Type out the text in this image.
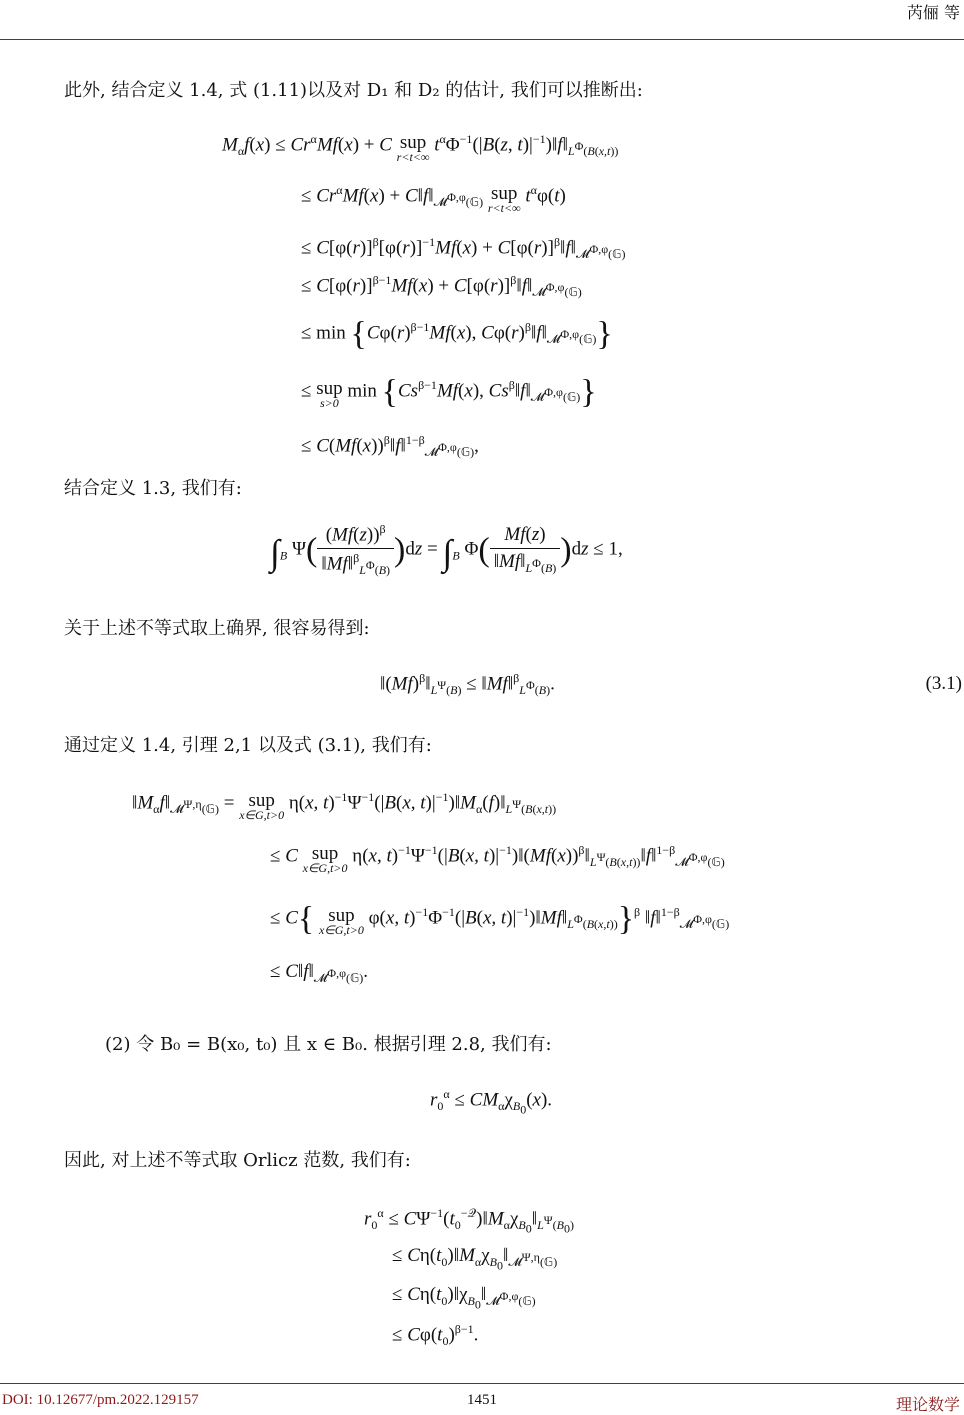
芮俪 等
此外, 结合定义 1.4, 式 (1.11)以及对 D₁ 和 D₂ 的估计, 我们可以推断出:
$M_\alpha f(x) \le Cr^\alpha Mf(x) + C$ sup
r<t<∞
$t^\alpha\Phi^{-1}(|B(z$, $t)|^{-1})‖f‖_{L^\Phi(B(x,t))}$
≤ $Cr^\alpha Mf(x)$ + $C‖f‖_{𝓜^{\Phi,\varphi}(𝔾)}$ sup
r<t<∞
$t^\alpha\varphi(t)$
≤ $C[\varphi(r)]^\beta[\varphi(r)]^{-1}Mf(x)$ + $C[\varphi(r)]^\beta‖f‖_{𝓜^{\Phi,\varphi}(𝔾)}$
≤ $C[\varphi(r)]^{\beta-1}Mf(x)$ + $C[\varphi(r)]^\beta‖f‖_{𝓜^{\Phi,\varphi}(𝔾)}$
≤ $\min \{C\varphi(r)^{\beta-1}Mf(x)$, $C\varphi(r)^\beta‖f‖_{𝓜^{\Phi,\varphi}(𝔾)}$}
≤ sup
s>0
$\min \{Cs^{\beta-1}Mf(x)$, $Cs^\beta‖f‖_{𝓜^{\Phi,\varphi}(𝔾)}$}
≤ $C(Mf(x))^\beta‖f‖^{1-\beta}_{𝓜^{\Phi,\varphi}(𝔾)}$,
结合定义 1.3, 我们有:
$\int_B$ $\Psi( \frac{(Mf(z))^\beta}{‖Mf‖^\beta_{L^\Phi(B)}} )dz = \int_B$ $\Phi( \frac{Mf(z)}{‖Mf‖_{L^\Phi(B)}} )dz \le 1$,
关于上述不等式取上确界, 很容易得到:
$‖(Mf)^\beta‖_{L^\Psi(B)}$ ≤ ‖Mf‖$^\beta_{L^\Phi(B)}$.	(3.1)
通过定义 1.4, 引理 2,1 以及式 (3.1), 我们有:
$‖M_\alpha f‖_{𝓜^{\Psi,\eta}(𝔾)}$ = sup
x∈G,t>0
η(x, $t)^{-1}\Psi^{-1}(|B(x$, $t)|^{-1})‖M_\alpha(f)‖_{L^\Psi(B(x,t))}$
≤ C sup
x∈G,t>0
η(x, $t)^{-1}\Psi^{-1}(|B(x$, $t)|^{-1})‖(Mf(x))^\beta‖_{L^\Psi(B(x,t))}‖f‖^{1-\beta}_{𝓜^{\Phi,\varphi}(𝔾)}$
≤ C{ sup
x∈G,t>0
φ(x, $t)^{-1}\Phi^{-1}(|B(x$, $t)|^{-1})‖Mf‖_{L^\Phi(B(x,t))}\}^\beta$ ‖f‖$^{1-\beta}_{𝓜^{\Phi,\varphi}(𝔾)}$
≤ $C‖f‖_{𝓜^{\Phi,\varphi}(𝔾)}$.
(2) 令 B₀ = B(x₀, t₀) 且 x ∈ B₀. 根据引理 2.8, 我们有:
$r_0^\alpha \le CM_\alpha\chi_{B_0}(x)$.
因此, 对上述不等式取 Orlicz 范数, 我们有:
$r_0^\alpha$ ≤ $C\Psi^{-1}(t_0^{-𝒬})‖M_\alpha\chi_{B_0}‖_{L^\Psi(B_0)}$
≤ $C\eta(t_0)‖M_\alpha\chi_{B_0}‖_{𝓜^{\Psi,\eta}(𝔾)}$
≤ $C\eta(t_0)‖\chi_{B_0}‖_{𝓜^{\Phi,\varphi}(𝔾)}$
≤ $C\varphi(t_0)^{\beta-1}$.
DOI: 10.12677/pm.2022.129157	1451	理论数学
